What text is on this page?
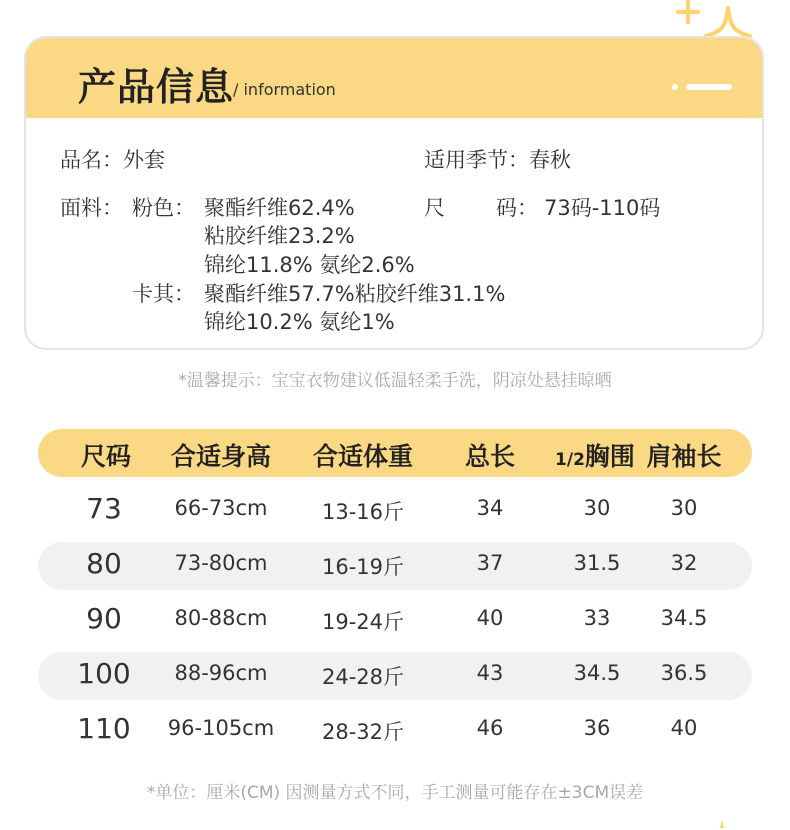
产品信息
/ information
品名：外套	适用季节：春秋
面料： 粉色： 聚酯纤维62.4%
粘胶纤维23.2%
锦纶11.8% 氨纶2.6%
卡其： 聚酯纤维57.7%粘胶纤维31.1%
锦纶10.2% 氨纶1%
尺 码： 73码-110码
*温馨提示：宝宝衣物建议低温轻柔手洗，阴凉处悬挂晾晒
尺码 合适身高 合适体重 总长 1/2胸围 肩袖长
73	66-73cm	13-16斤	34	30	30
80	73-80cm	16-19斤	37	31.5 32
90	80-88cm	19-24斤	40	33 34.5
100 88-96cm	24-28斤	43	34.5 36.5
110 96-105cm 28-32斤	46	36	40
*单位：厘米(CM) 因测量方式不同，手工测量可能存在±3CM误差
